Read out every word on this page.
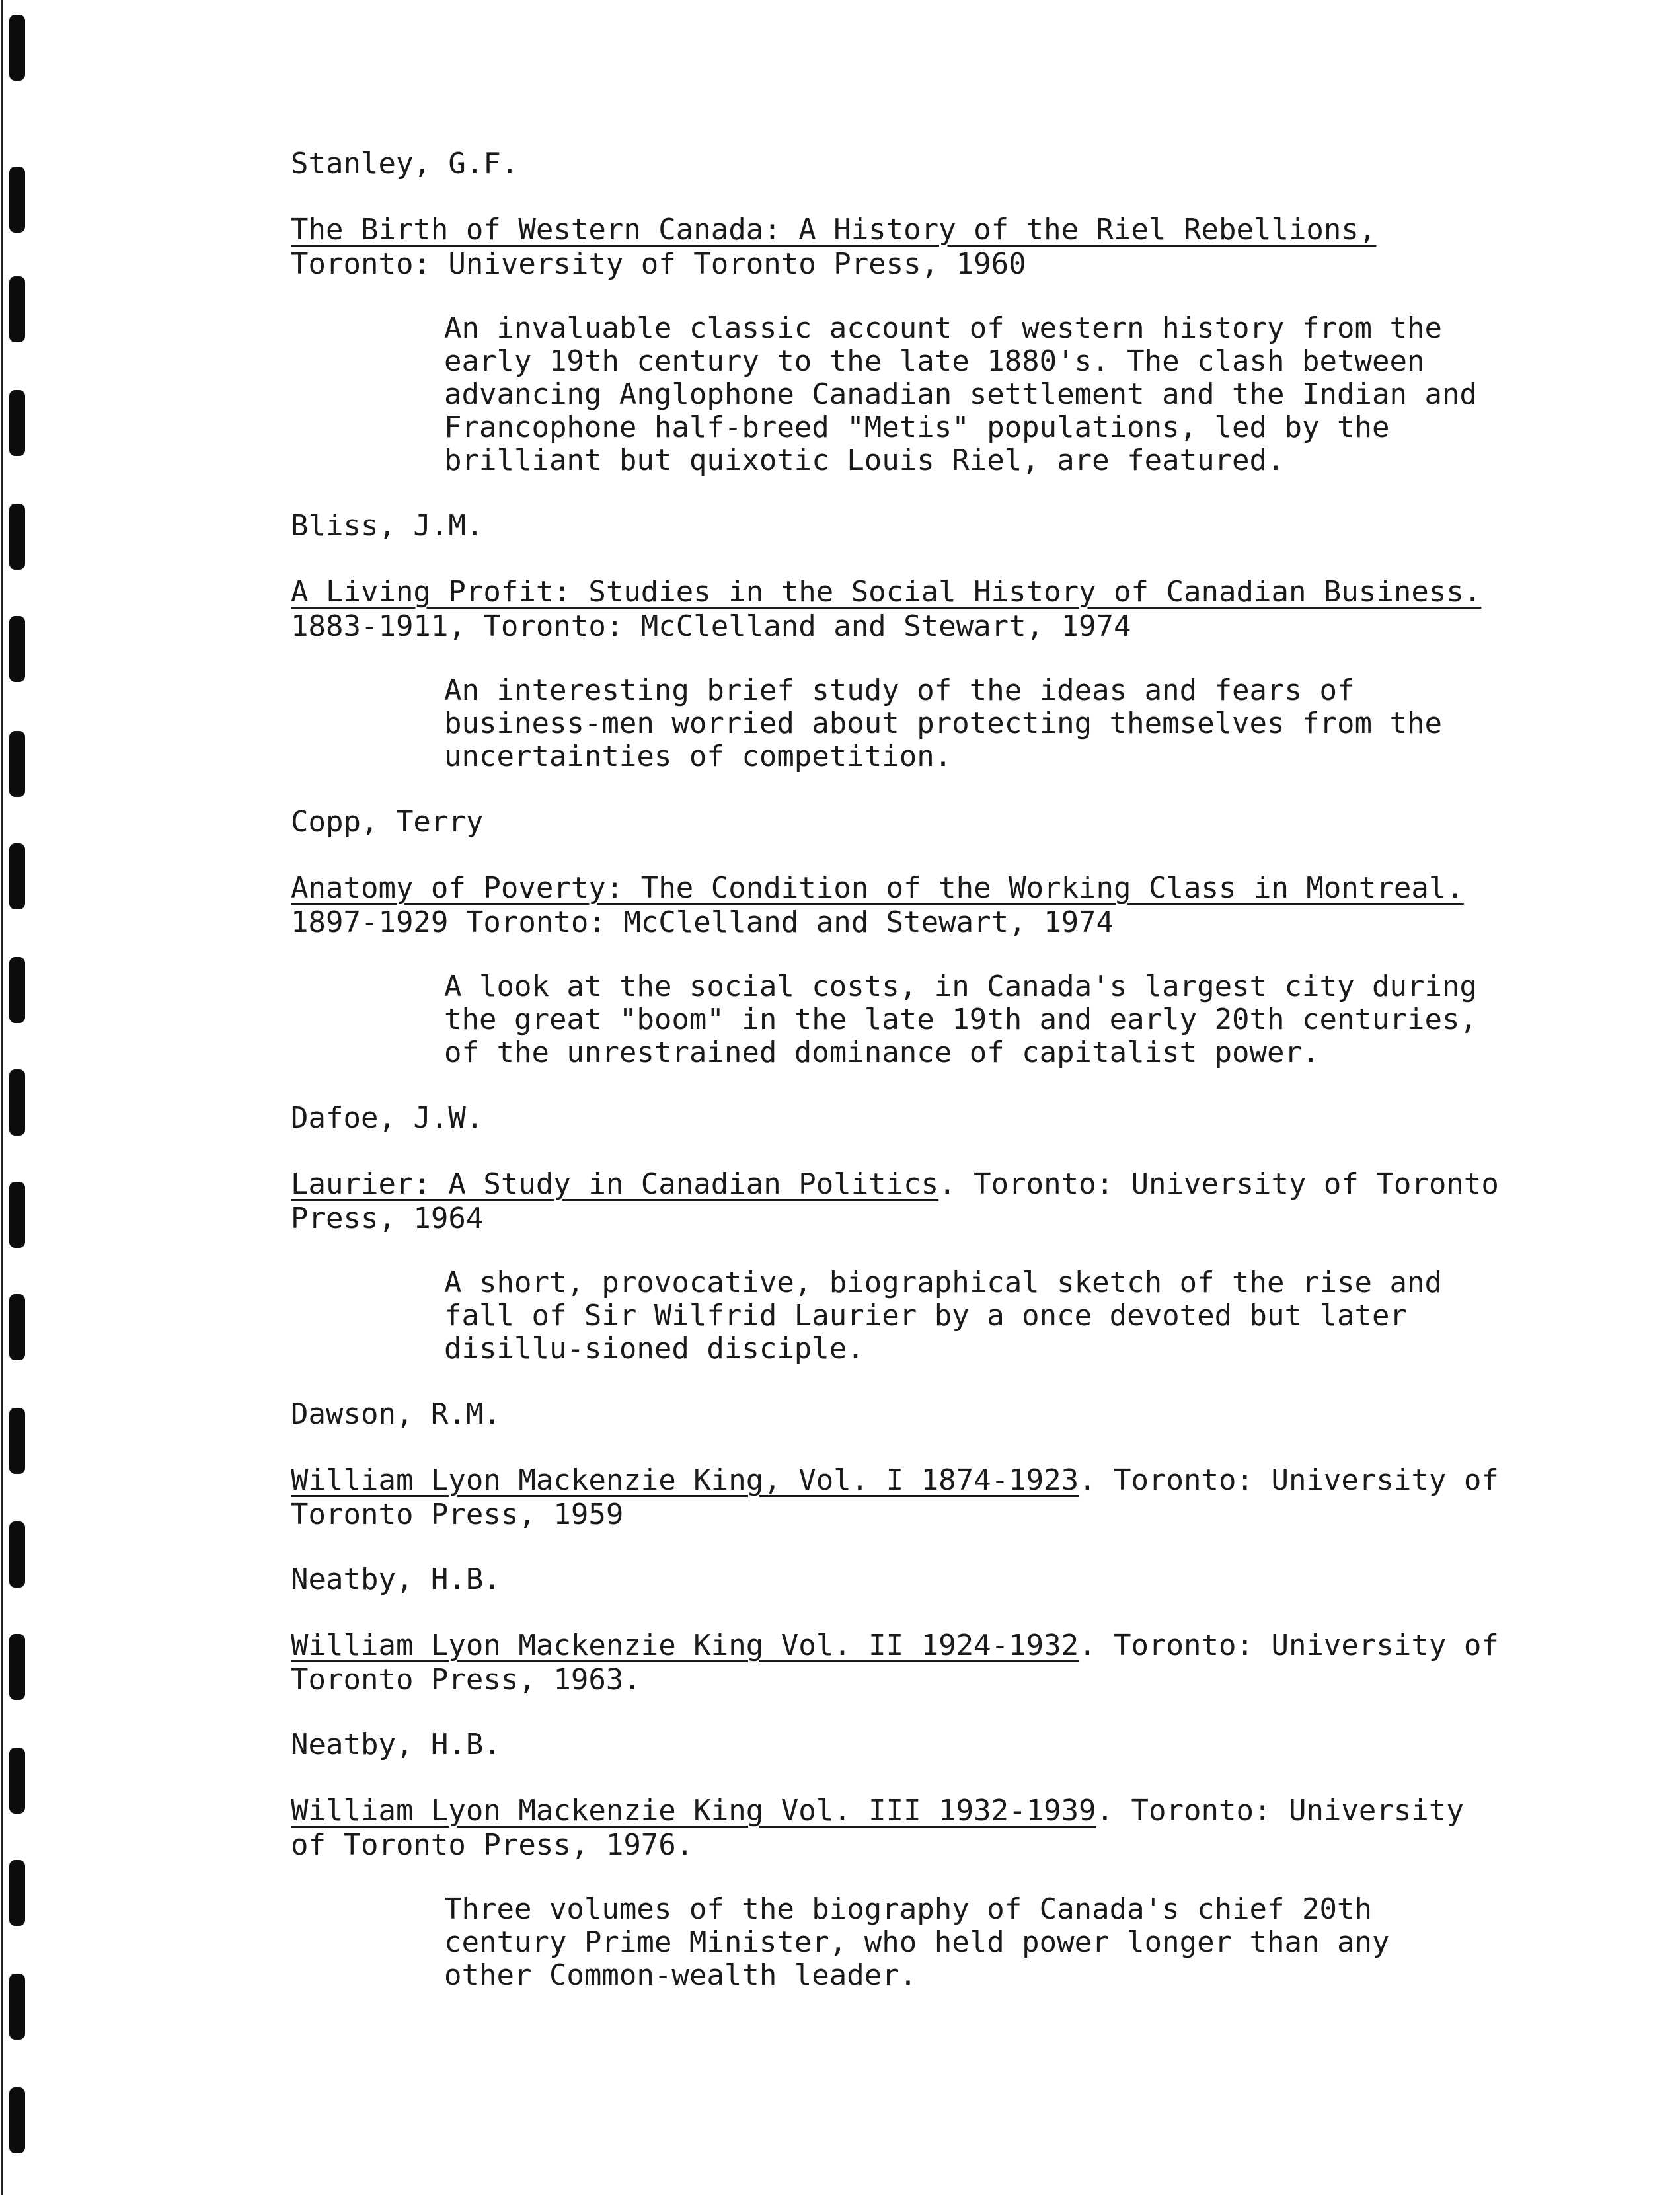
Stanley, G.F.

The Birth of Western Canada: A History of the Riel Rebellions, Toronto: University of Toronto Press, 1960

An invaluable classic account of western history from the early 19th century to the late 1880's. The clash between advancing Anglophone Canadian settlement and the Indian and Francophone half-breed "Metis" populations, led by the brilliant but quixotic Louis Riel, are featured.

Bliss, J.M.

A Living Profit: Studies in the Social History of Canadian Business. 1883-1911, Toronto: McClelland and Stewart, 1974

An interesting brief study of the ideas and fears of business-men worried about protecting themselves from the uncertainties of competition.

Copp, Terry

Anatomy of Poverty: The Condition of the Working Class in Montreal. 1897-1929 Toronto: McClelland and Stewart, 1974

A look at the social costs, in Canada's largest city during the great "boom" in the late 19th and early 20th centuries, of the unrestrained dominance of capitalist power.

Dafoe, J.W.

Laurier: A Study in Canadian Politics. Toronto: University of Toronto Press, 1964

A short, provocative, biographical sketch of the rise and fall of Sir Wilfrid Laurier by a once devoted but later disillu-sioned disciple.

Dawson, R.M.

William Lyon Mackenzie King, Vol. I 1874-1923. Toronto: University of Toronto Press, 1959

Neatby, H.B.

William Lyon Mackenzie King Vol. II 1924-1932. Toronto: University of Toronto Press, 1963.

Neatby, H.B.

William Lyon Mackenzie King Vol. III 1932-1939. Toronto: University of Toronto Press, 1976.

Three volumes of the biography of Canada's chief 20th century Prime Minister, who held power longer than any other Common-wealth leader.
